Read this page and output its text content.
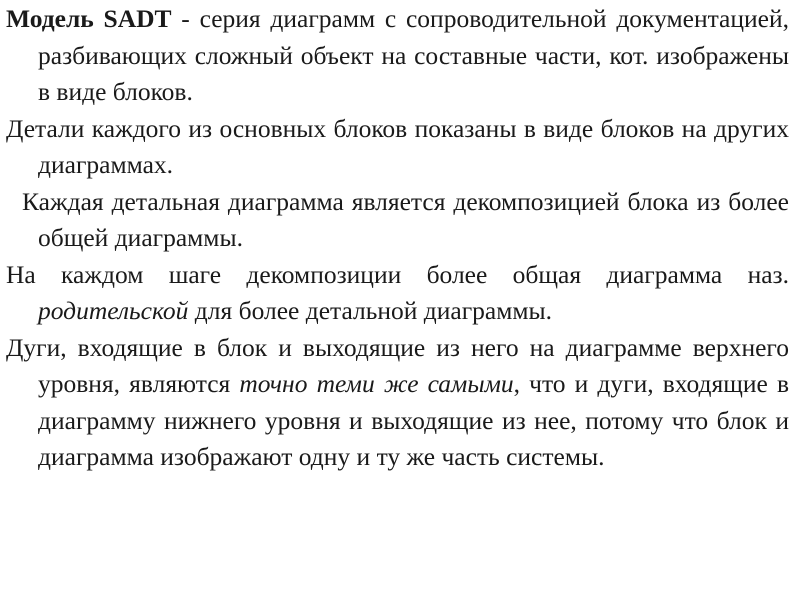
Модель SADT - серия диаграмм с сопроводительной документацией, разбивающих сложный объект на составные части, кот. изображены в виде блоков.

Детали каждого из основных блоков показаны в виде блоков на других диаграммах.

Каждая детальная диаграмма является декомпозицией блока из более общей диаграммы.

На каждом шаге декомпозиции более общая диаграмма наз. родительской для более детальной диаграммы.

Дуги, входящие в блок и выходящие из него на диаграмме верхнего уровня, являются точно теми же самыми, что и дуги, входящие в диаграмму нижнего уровня и выходящие из нее, потому что блок и диаграмма изображают одну и ту же часть системы.
